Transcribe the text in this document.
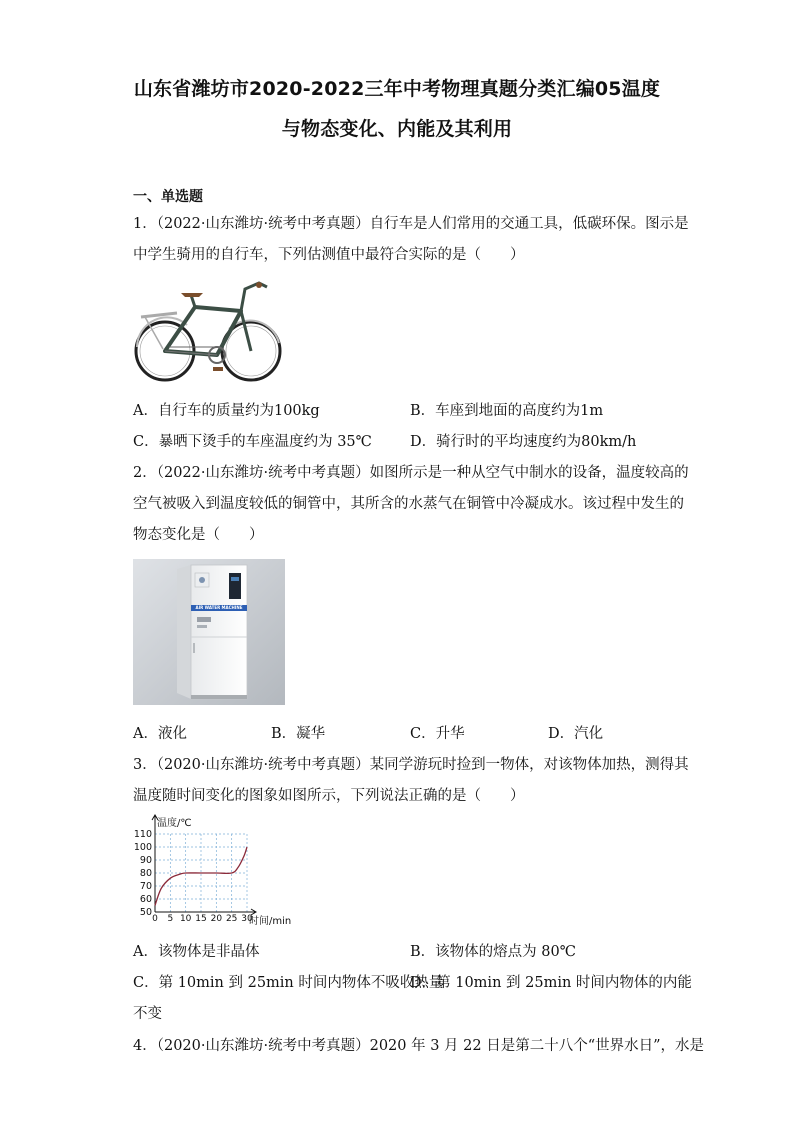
山东省潍坊市2020-2022三年中考物理真题分类汇编05温度
与物态变化、内能及其利用
一、单选题
1．（2022·山东潍坊·统考中考真题）自行车是人们常用的交通工具，低碳环保。图示是
中学生骑用的自行车，下列估测值中最符合实际的是（　　）
A．自行车的质量约为100kg	B．车座到地面的高度约为1m
C．暴晒下烫手的车座温度约为 35℃	D．骑行时的平均速度约为80km/h
2．（2022·山东潍坊·统考中考真题）如图所示是一种从空气中制水的设备，温度较高的
空气被吸入到温度较低的铜管中，其所含的水蒸气在铜管中冷凝成水。该过程中发生的
物态变化是（　　）
AIR WATER MACHINE
A．液化	B．凝华	C．升华	D．汽化
3．（2020·山东潍坊·统考中考真题）某同学游玩时捡到一物体，对该物体加热，测得其
温度随时间变化的图象如图所示，下列说法正确的是（　　）
50
60
70
80
90
100
110
0 5 10 15 20 25 30
温度/℃
时间/min
A．该物体是非晶体	B．该物体的熔点为 80℃
C．第 10min 到 25min 时间内物体不吸收热量
D．第 10min 到 25min 时间内物体的内能
不变
4．（2020·山东潍坊·统考中考真题）2020 年 3 月 22 日是第二十八个“世界水日”，水是
